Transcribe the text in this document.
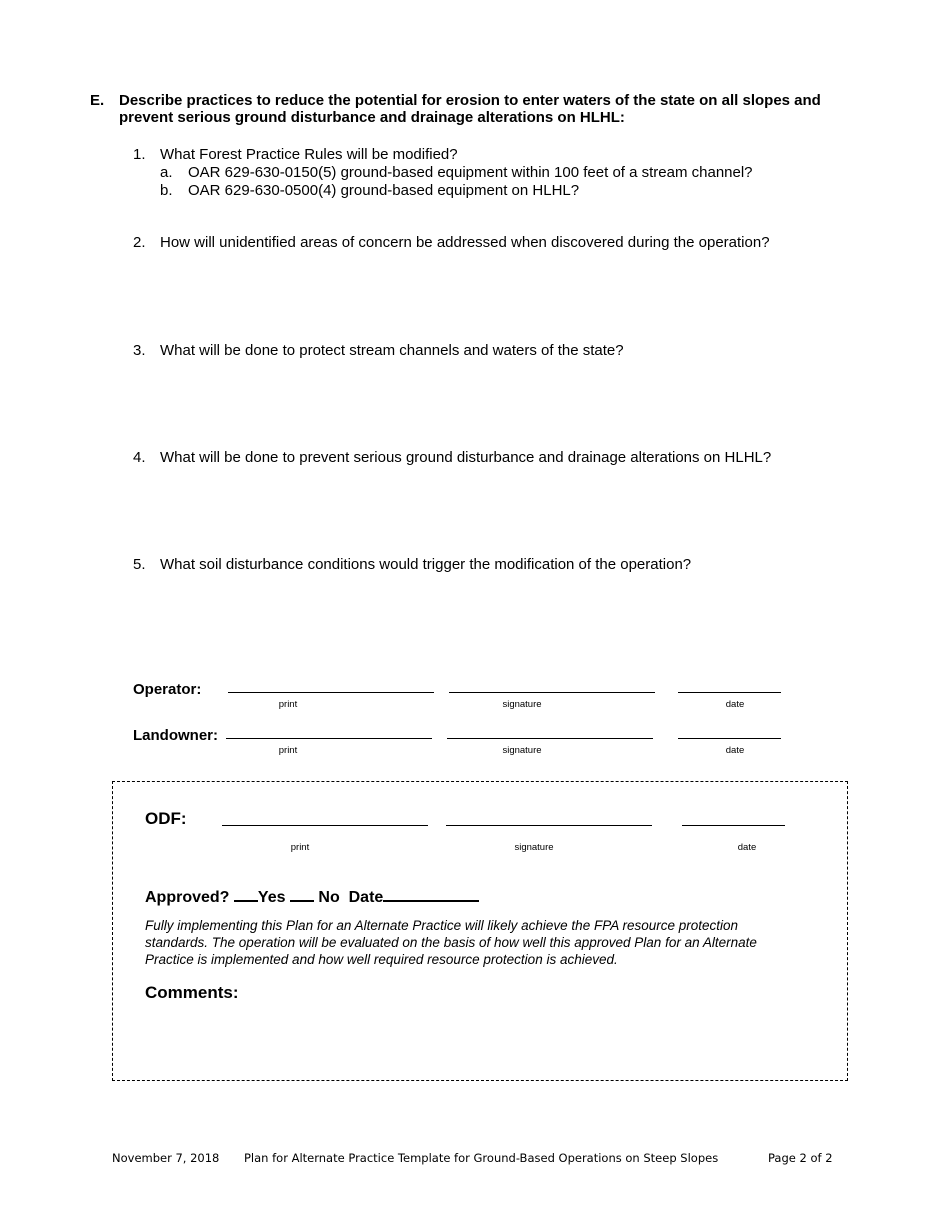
E. Describe practices to reduce the potential for erosion to enter waters of the state on all slopes and prevent serious ground disturbance and drainage alterations on HLHL:
1. What Forest Practice Rules will be modified?
a. OAR 629-630-0150(5) ground-based equipment within 100 feet of a stream channel?
b. OAR 629-630-0500(4) ground-based equipment on HLHL?
2. How will unidentified areas of concern be addressed when discovered during the operation?
3. What will be done to protect stream channels and waters of the state?
4. What will be done to prevent serious ground disturbance and drainage alterations on HLHL?
5. What soil disturbance conditions would trigger the modification of the operation?
Operator:
print	signature	date
Landowner:
print	signature	date
ODF:
print	signature	date
Approved? Yes No Date
Fully implementing this Plan for an Alternate Practice will likely achieve the FPA resource protection standards. The operation will be evaluated on the basis of how well this approved Plan for an Alternate Practice is implemented and how well required resource protection is achieved.
Comments:
November 7, 2018 Plan for Alternate Practice Template for Ground-Based Operations on Steep Slopes	Page 2 of 2
